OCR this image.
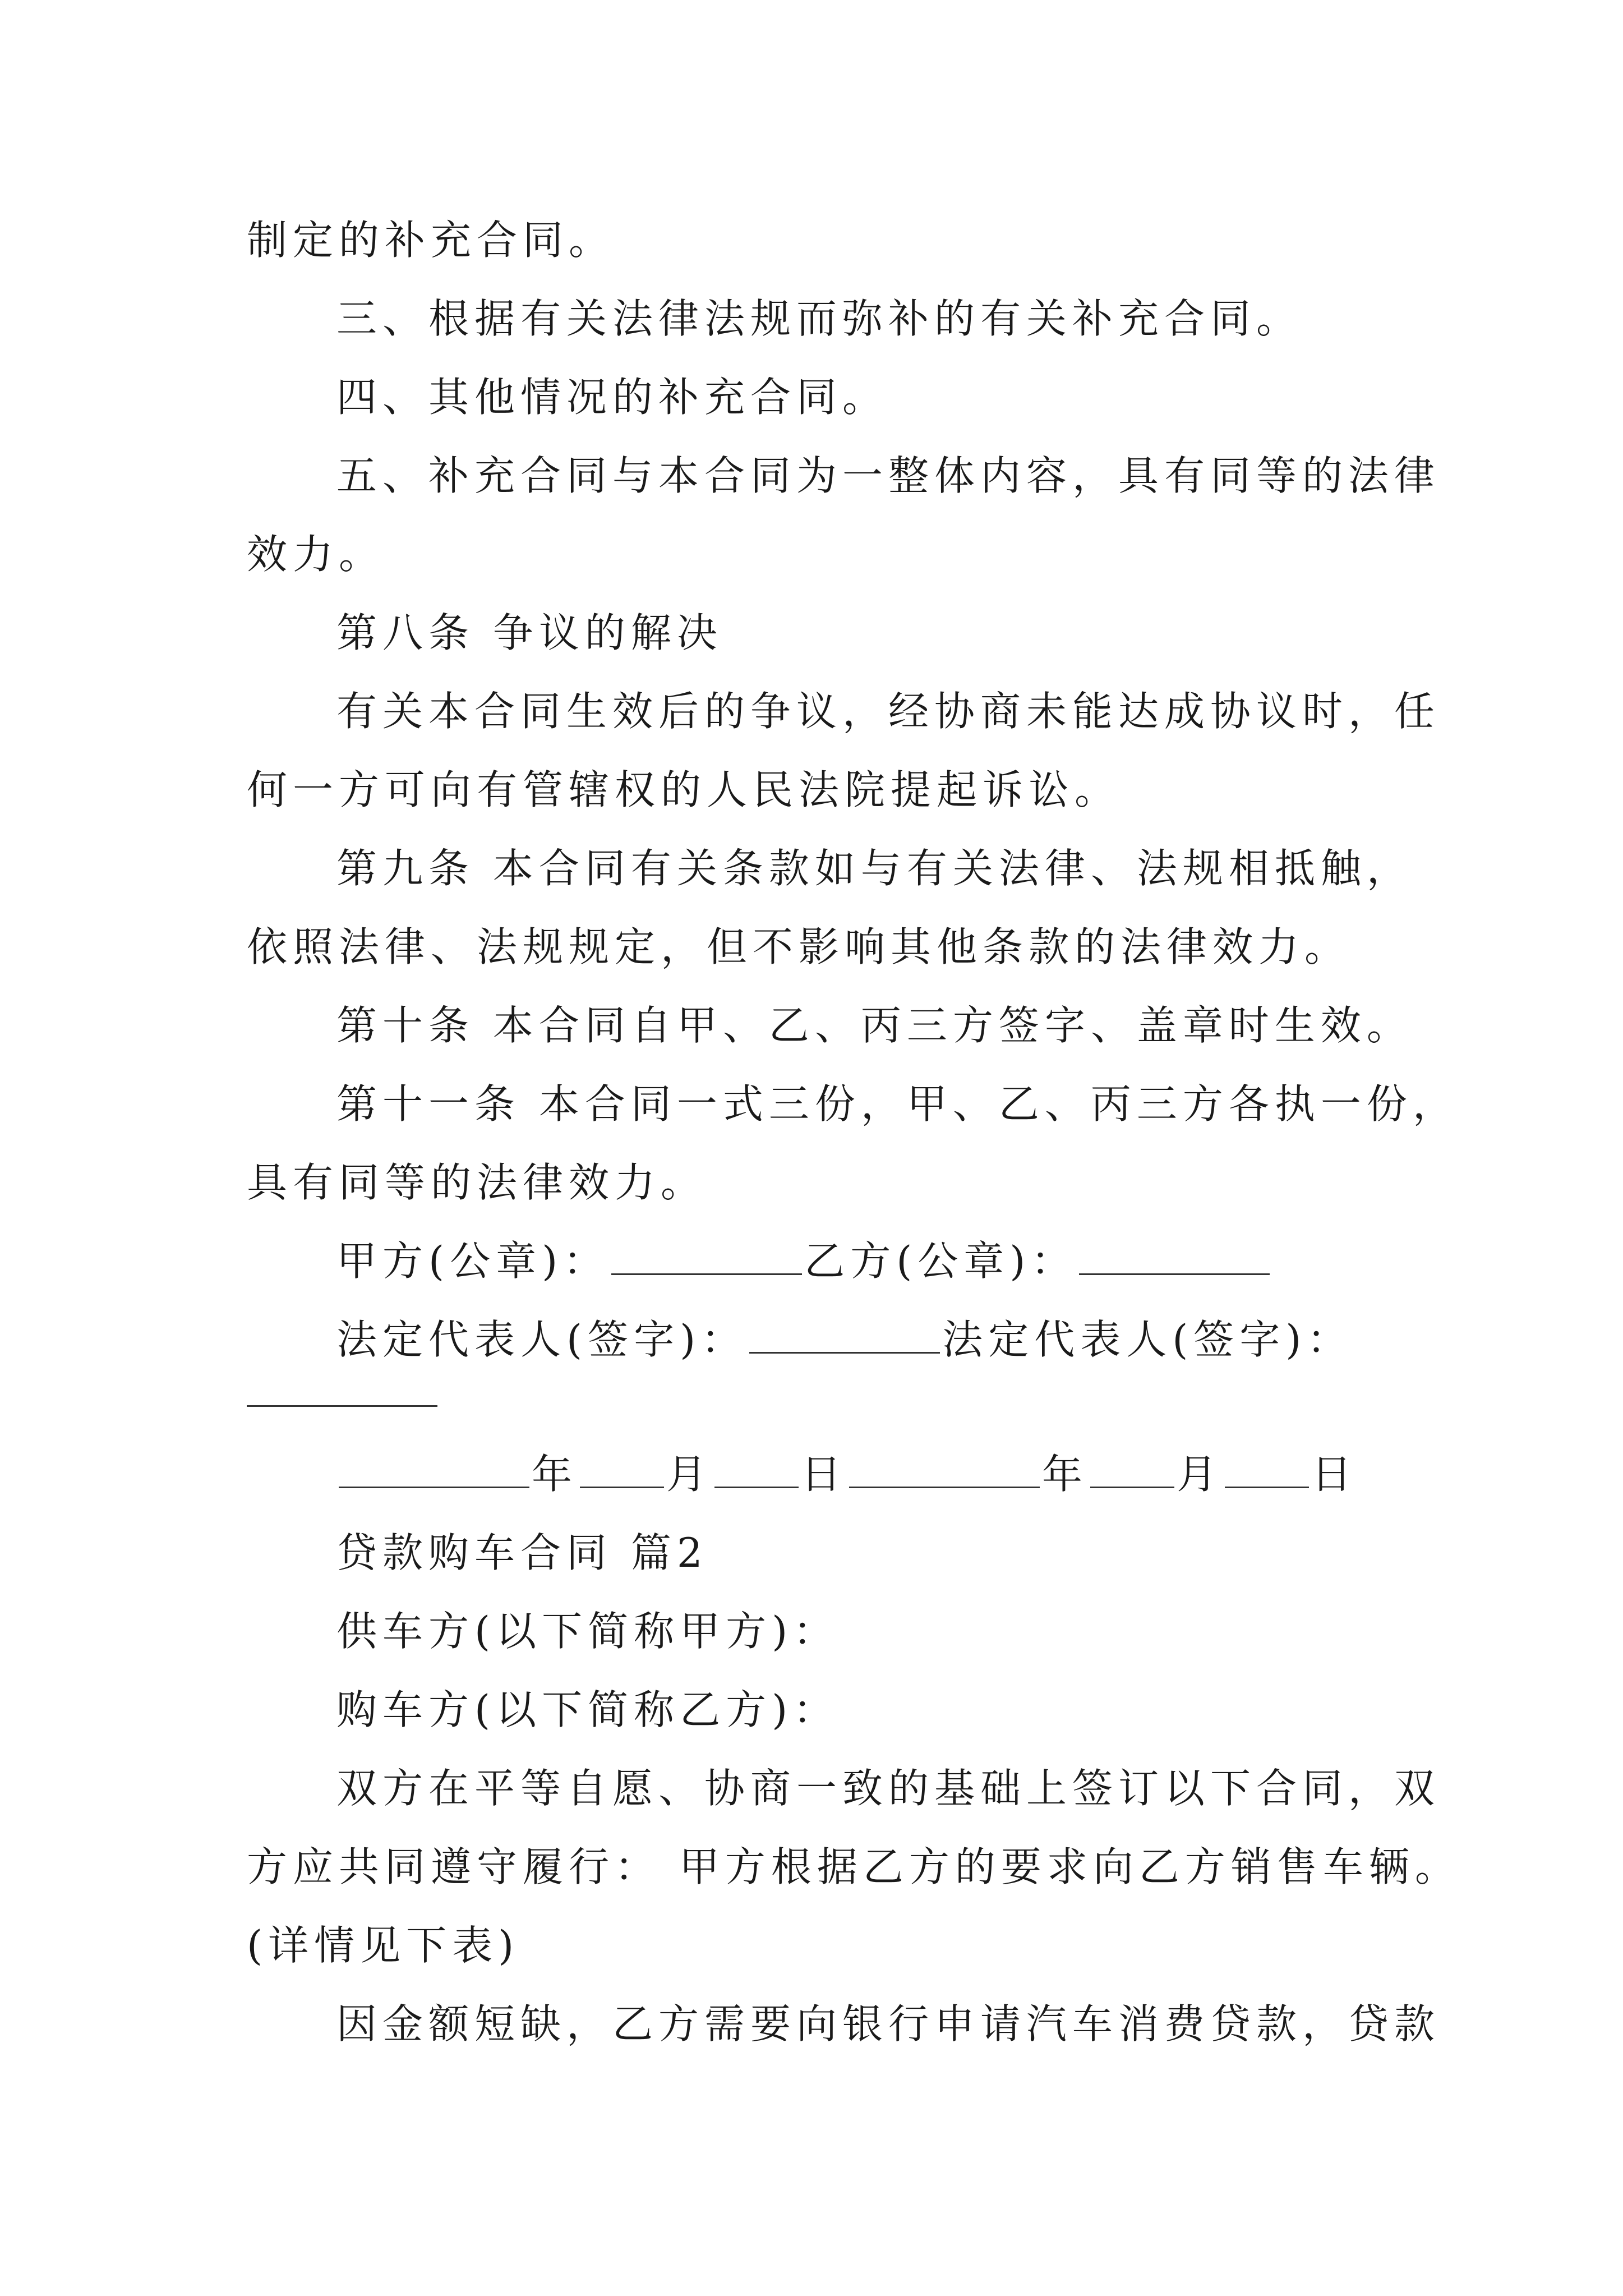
制定的补充合同。
三、根据有关法律法规而弥补的有关补充合同。
四、其他情况的补充合同。
五、补充合同与本合同为一整体内容，具有同等的法律
效力。
第八条 争议的解决
有关本合同生效后的争议，经协商未能达成协议时，任
何一方可向有管辖权的人民法院提起诉讼。
第九条 本合同有关条款如与有关法律、法规相抵触，
依照法律、法规规定，但不影响其他条款的法律效力。
第十条 本合同自甲、乙、丙三方签字、盖章时生效。
第十一条 本合同一式三份，甲、乙、丙三方各执一份，
具有同等的法律效力。
甲方(公章)：	乙方(公章)：
法定代表人(签字)：	法定代表人(签字)：
年 月 日	年 月 日
贷款购车合同 篇2
供车方(以下简称甲方)：
购车方(以下简称乙方)：
双方在平等自愿、协商一致的基础上签订以下合同，双
方应共同遵守履行： 甲方根据乙方的要求向乙方销售车辆。
(详情见下表)
因金额短缺，乙方需要向银行申请汽车消费贷款，贷款
